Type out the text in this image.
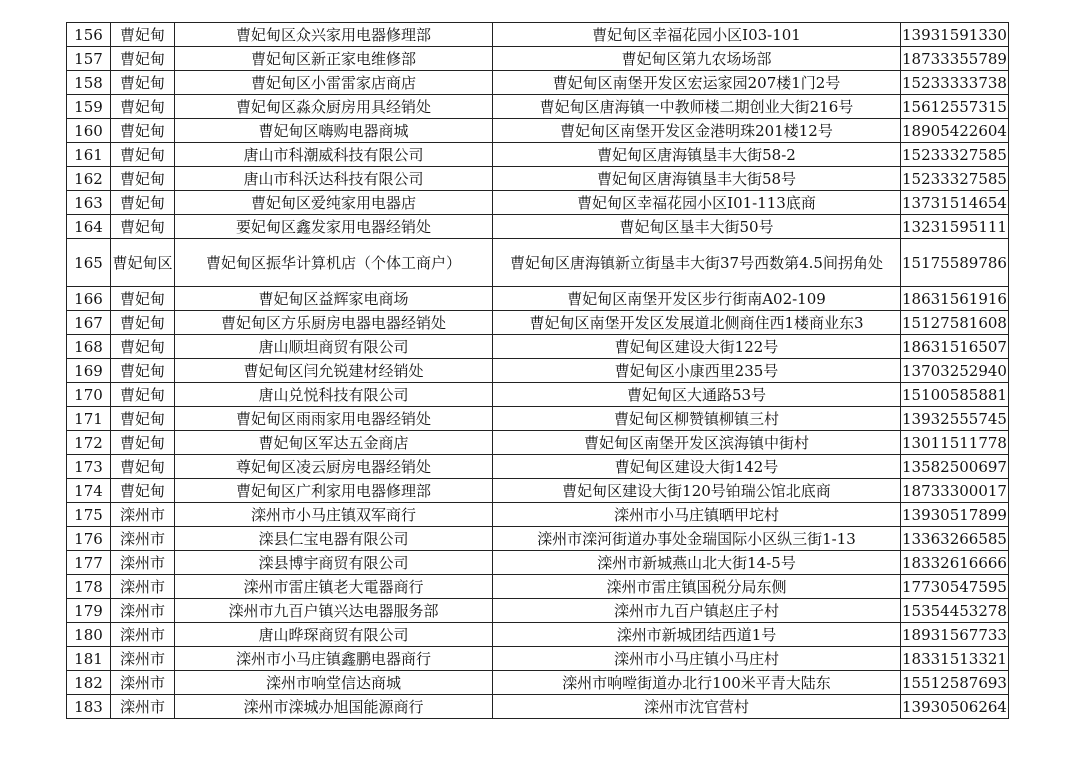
156	曹妃甸	曹妃甸区众兴家用电器修理部	曹妃甸区幸福花园小区I03-101	13931591330
157	曹妃甸	曹妃甸区新正家电维修部	曹妃甸区第九农场场部	18733355789
158	曹妃甸	曹妃甸区小雷雷家店商店	曹妃甸区南堡开发区宏运家园207楼1门2号	15233333738
159	曹妃甸	曹妃甸区淼众厨房用具经销处	曹妃甸区唐海镇一中教师楼二期创业大街216号	15612557315
160	曹妃甸	曹妃甸区嗨购电器商城	曹妃甸区南堡开发区金港明珠201楼12号	18905422604
161	曹妃甸	唐山市科潮威科技有限公司	曹妃甸区唐海镇垦丰大街58-2	15233327585
162	曹妃甸	唐山市科沃达科技有限公司	曹妃甸区唐海镇垦丰大街58号	15233327585
163	曹妃甸	曹妃甸区爱纯家用电器店	曹妃甸区幸福花园小区I01-113底商	13731514654
164	曹妃甸	要妃甸区鑫发家用电器经销处	曹妃甸区垦丰大街50号	13231595111
165	曹妃甸区	曹妃甸区振华计算机店（个体工商户）	曹妃甸区唐海镇新立街垦丰大街37号西数第4.5间拐角处	15175589786
166	曹妃甸	曹妃甸区益辉家电商场	曹妃甸区南堡开发区步行街南A02-109	18631561916
167	曹妃甸	曹妃甸区方乐厨房电器电器经销处	曹妃甸区南堡开发区发展道北侧商住西1楼商业东3	15127581608
168	曹妃甸	唐山顺坦商贸有限公司	曹妃甸区建设大街122号	18631516507
169	曹妃甸	曹妃甸区闫允锐建材经销处	曹妃甸区小康西里235号	13703252940
170	曹妃甸	唐山兑悦科技有限公司	曹妃甸区大通路53号	15100585881
171	曹妃甸	曹妃甸区雨雨家用电器经销处	曹妃甸区柳赞镇柳镇三村	13932555745
172	曹妃甸	曹妃甸区军达五金商店	曹妃甸区南堡开发区滨海镇中街村	13011511778
173	曹妃甸	尊妃甸区凌云厨房电器经销处	曹妃甸区建设大街142号	13582500697
174	曹妃甸	曹妃甸区广利家用电器修理部	曹妃甸区建设大街120号铂瑞公馆北底商	18733300017
175	滦州市	滦州市小马庄镇双军商行	滦州市小马庄镇晒甲坨村	13930517899
176	滦州市	滦县仁宝电器有限公司	滦州市滦河街道办事处金瑞国际小区纵三街1-13	13363266585
177	滦州市	滦县博宇商贸有限公司	滦州市新城燕山北大街14-5号	18332616666
178	滦州市	滦州市雷庄镇老大電器商行	滦州市雷庄镇国税分局东侧	17730547595
179	滦州市	滦州市九百户镇兴达电器服务部	滦州市九百户镇赵庄子村	15354453278
180	滦州市	唐山晔琛商贸有限公司	滦州市新城团结西道1号	18931567733
181	滦州市	滦州市小马庄镇鑫鹏电器商行	滦州市小马庄镇小马庄村	18331513321
182	滦州市	滦州市响堂信达商城	滦州市响嘡街道办北行100米平青大陆东	15512587693
183	滦州市	滦州市滦城办旭国能源商行	滦州市沈官营村	13930506264
